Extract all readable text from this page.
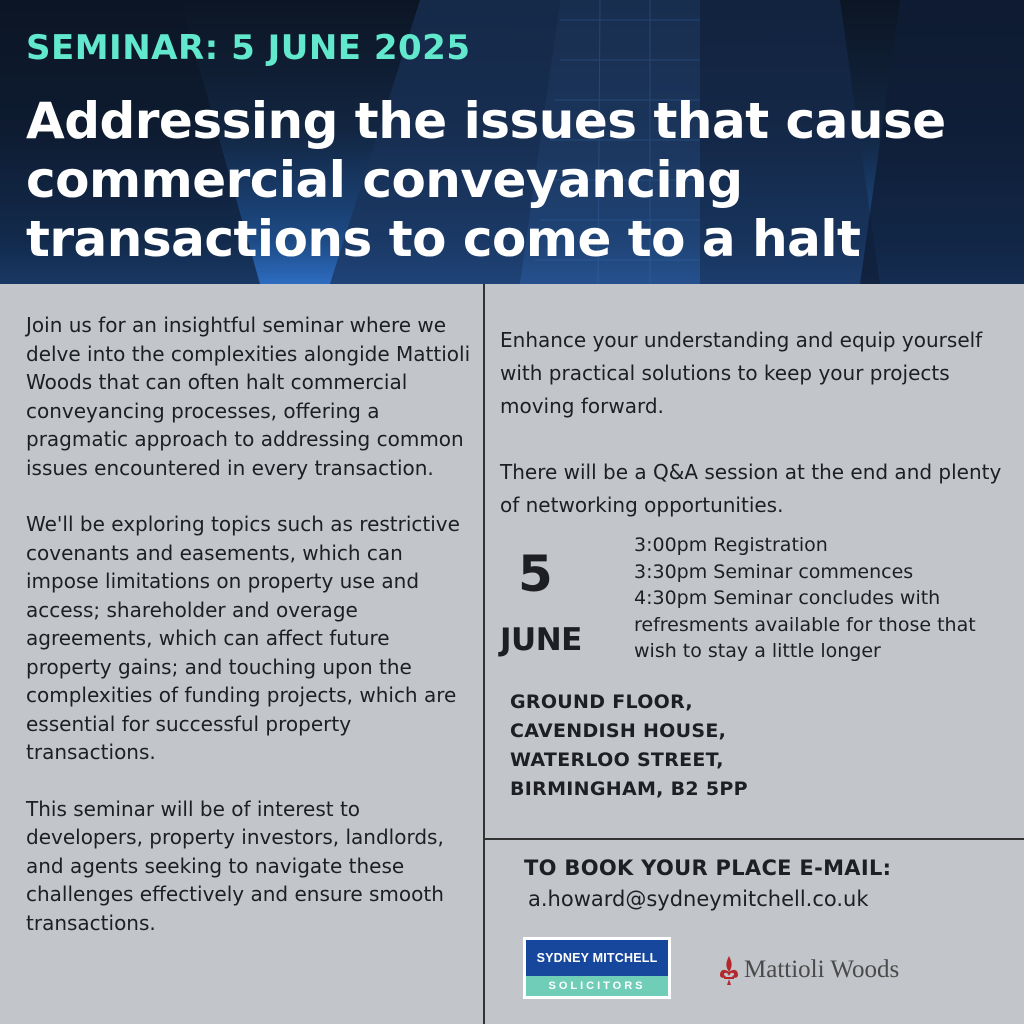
SEMINAR: 5 JUNE 2025
Addressing the issues that cause commercial conveyancing transactions to come to a halt

Join us for an insightful seminar where we delve into the complexities alongide Mattioli Woods that can often halt commercial conveyancing processes, offering a pragmatic approach to addressing common issues encountered in every transaction.

We'll be exploring topics such as restrictive covenants and easements, which can impose limitations on property use and access; shareholder and overage agreements, which can affect future property gains; and touching upon the complexities of funding projects, which are essential for successful property transactions.

This seminar will be of interest to developers, property investors, landlords, and agents seeking to navigate these challenges effectively and ensure smooth transactions.

Enhance your understanding and equip yourself with practical solutions to keep your projects moving forward.

There will be a Q&A session at the end and plenty of networking opportunities.

5
JUNE
3:00pm Registration
3:30pm Seminar commences
4:30pm Seminar concludes with refresments available for those that wish to stay a little longer
GROUND FLOOR,
CAVENDISH HOUSE,
WATERLOO STREET,
BIRMINGHAM, B2 5PP
TO BOOK YOUR PLACE E-MAIL:
a.howard@sydneymitchell.co.uk
SYDNEY MITCHELL
SOLICITORS
Mattioli Woods
